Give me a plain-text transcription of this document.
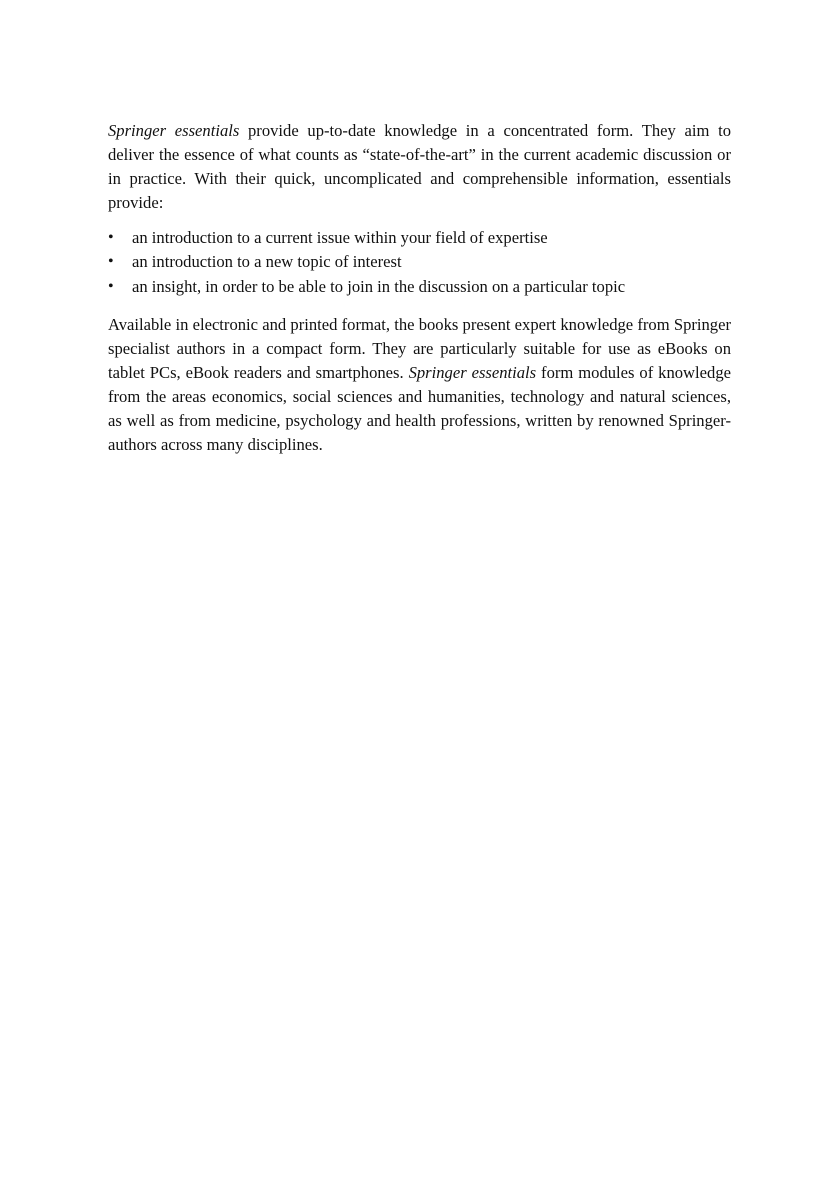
Springer essentials provide up-to-date knowledge in a concentrated form. They aim to deliver the essence of what counts as “state-of-the-art” in the current academic discussion or in practice. With their quick, uncomplicated and comprehensible information, essentials provide:

•	an introduction to a current issue within your field of expertise
•	an introduction to a new topic of interest
•	an insight, in order to be able to join in the discussion on a particular topic

Available in electronic and printed format, the books present expert knowledge from Springer specialist authors in a compact form. They are particularly suitable for use as eBooks on tablet PCs, eBook readers and smartphones. Springer essentials form modules of knowledge from the areas economics, social sciences and humanities, technology and natural sciences, as well as from medicine, psychology and health professions, written by renowned Springer-authors across many disciplines.
